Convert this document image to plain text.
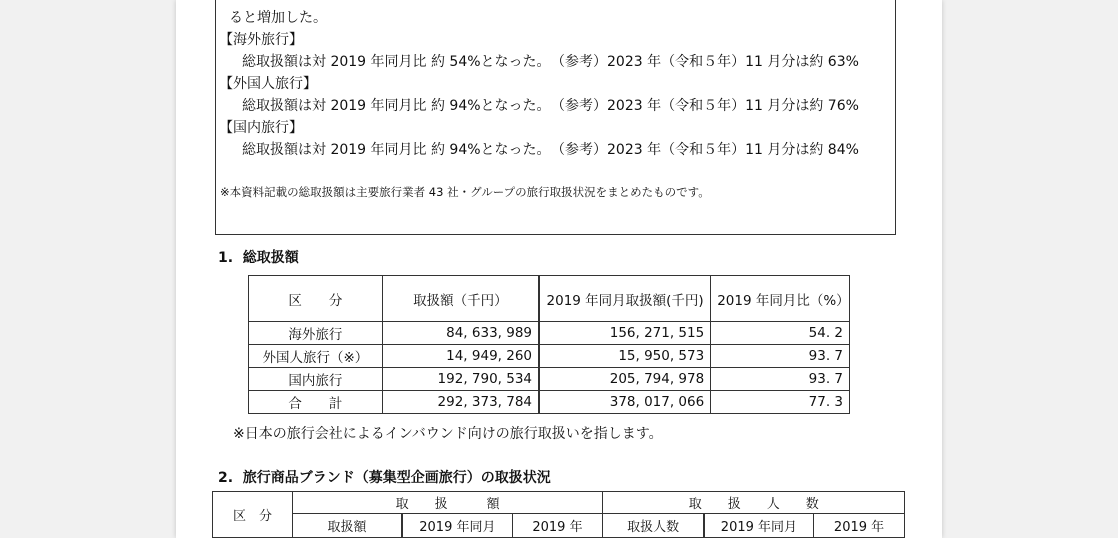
ると増加した。
【海外旅行】
総取扱額は対 2019 年同月比 約 54%となった。 （参考）2023 年（令和５年）11 月分は約 63%
【外国人旅行】
総取扱額は対 2019 年同月比 約 94%となった。 （参考）2023 年（令和５年）11 月分は約 76%
【国内旅行】
総取扱額は対 2019 年同月比 約 94%となった。 （参考）2023 年（令和５年）11 月分は約 84%
※本資料記載の総取扱額は主要旅行業者 43 社・グループの旅行取扱状況をまとめたものです。
1.  総取扱額
区　　分	取扱額（千円）	2019 年同月取扱額(千円)	2019 年同月比（%）
海外旅行	84, 633, 989	156, 271, 515	54. 2
外国人旅行（※）	14, 949, 260	15, 950, 573	93. 7
国内旅行	192, 790, 534	205, 794, 978	93. 7
合　　計	292, 373, 784	378, 017, 066	77. 3
※日本の旅行会社によるインバウンド向けの旅行取扱いを指します。
2.  旅行商品ブランド（募集型企画旅行）の取扱状況
区　分	取　　扱　　　額			取　　扱　　人　　数		
	取扱額	2019 年同月	2019 年	取扱人数	2019 年同月	2019 年
